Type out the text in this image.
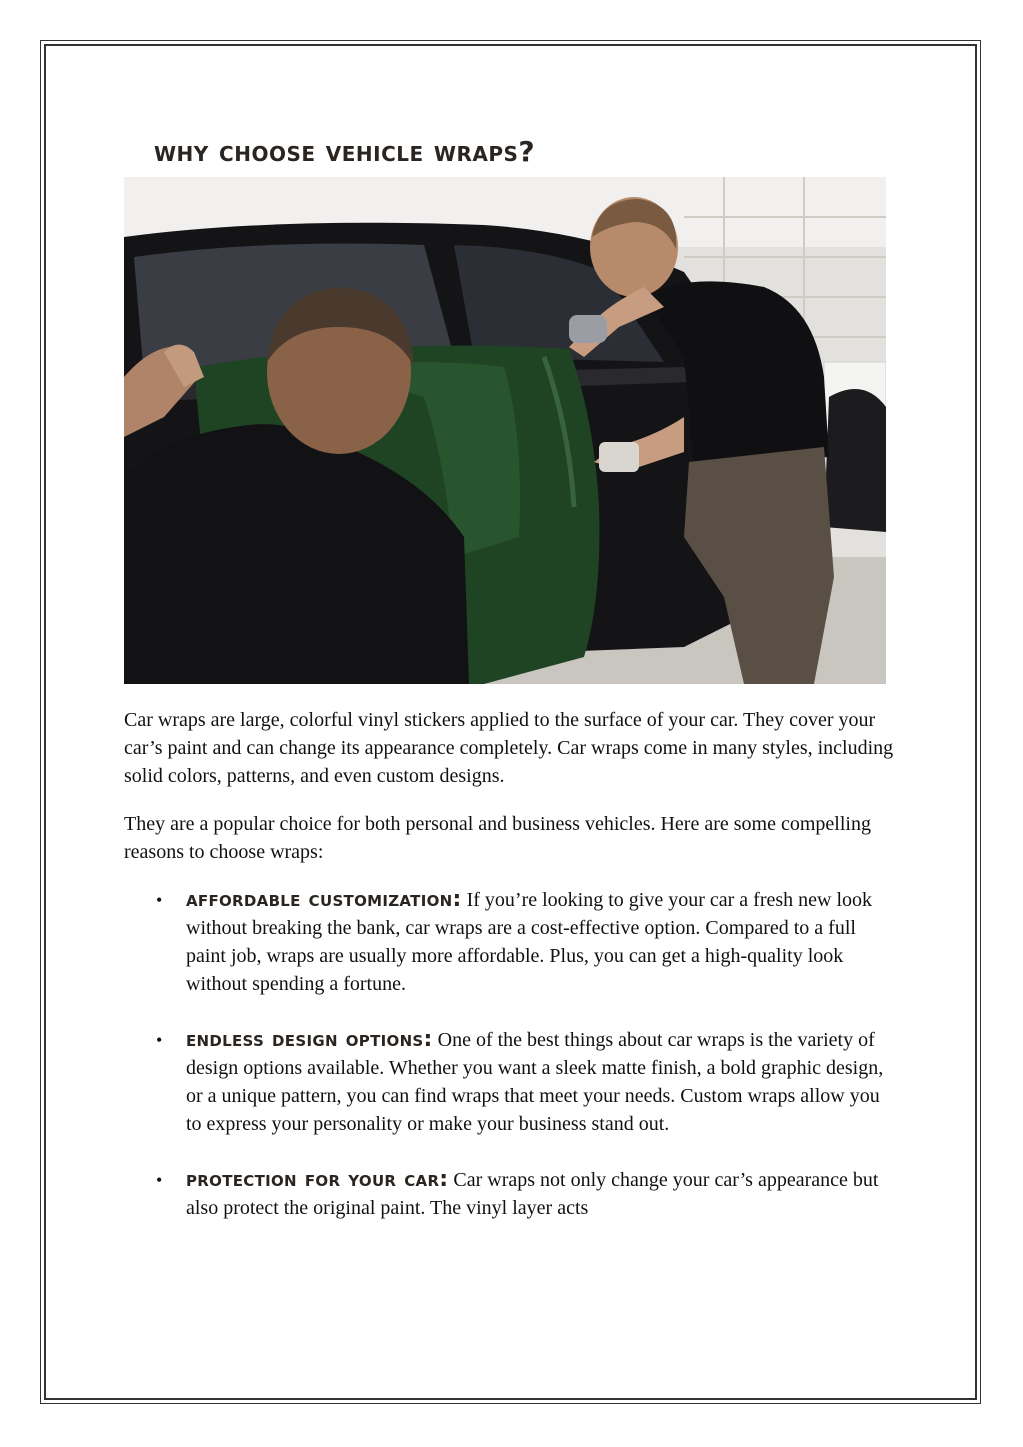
why choose vehicle wraps?

Car wraps are large, colorful vinyl stickers applied to the surface of your car. They cover your car’s paint and can change its appearance completely. Car wraps come in many styles, including solid colors, patterns, and even custom designs.

They are a popular choice for both personal and business vehicles. Here are some compelling reasons to choose wraps:

• affordable customization: If you’re looking to give your car a fresh new look without breaking the bank, car wraps are a cost-effective option. Compared to a full paint job, wraps are usually more affordable. Plus, you can get a high-quality look without spending a fortune.
• endless design options: One of the best things about car wraps is the variety of design options available. Whether you want a sleek matte finish, a bold graphic design, or a unique pattern, you can find wraps that meet your needs. Custom wraps allow you to express your personality or make your business stand out.
• protection for your car: Car wraps not only change your car’s appearance but also protect the original paint. The vinyl layer acts
